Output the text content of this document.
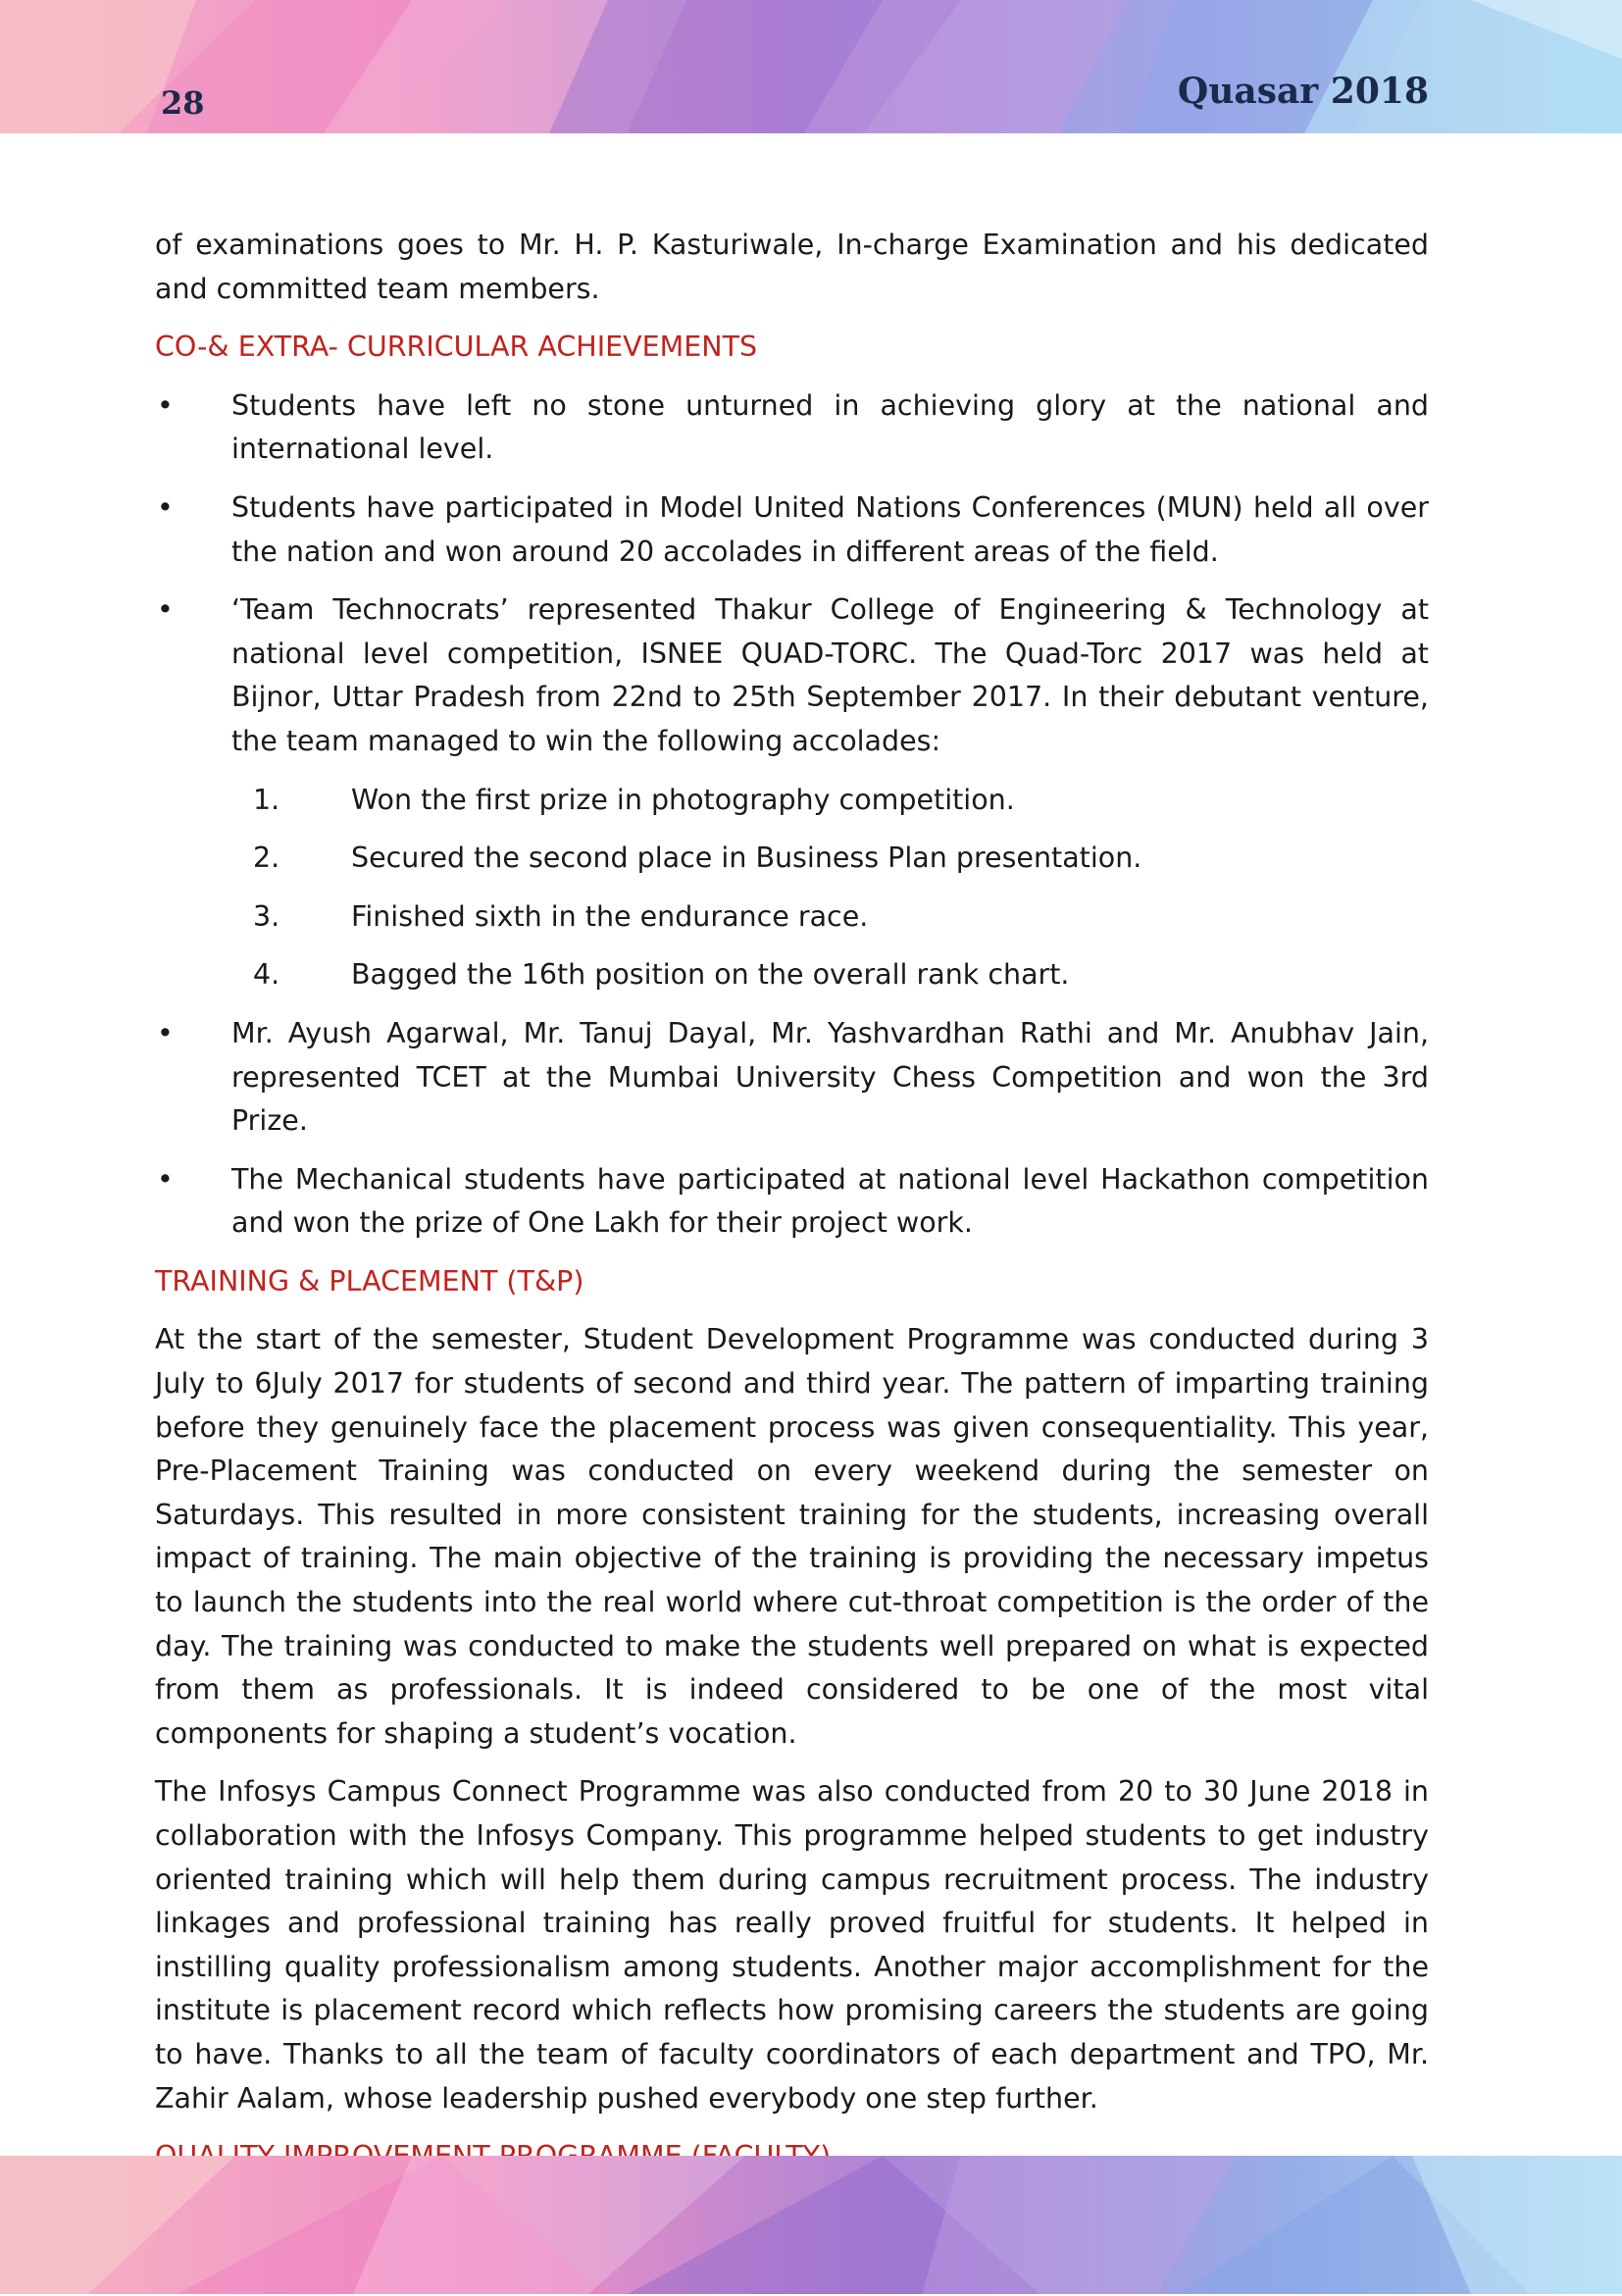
28	Quasar 2018

of examinations goes to Mr. H. P. Kasturiwale, In-charge Examination and his dedicated and committed team members.

CO-& EXTRA- CURRICULAR ACHIEVEMENTS
• Students have left no stone unturned in achieving glory at the national and international level.
• Students have participated in Model United Nations Conferences (MUN) held all over the nation and won around 20 accolades in different areas of the field.
• ‘Team Technocrats’ represented Thakur College of Engineering & Technology at national level competition, ISNEE QUAD-TORC. The Quad-Torc 2017 was held at Bijnor, Uttar Pradesh from 22nd to 25th September 2017. In their debutant venture, the team managed to win the following accolades:
1.	Won the first prize in photography competition.
2.	Secured the second place in Business Plan presentation.
3.	Finished sixth in the endurance race.
4.	Bagged the 16th position on the overall rank chart.
• Mr. Ayush Agarwal, Mr. Tanuj Dayal, Mr. Yashvardhan Rathi and Mr. Anubhav Jain, represented TCET at the Mumbai University Chess Competition and won the 3rd Prize.
• The Mechanical students have participated at national level Hackathon competition and won the prize of One Lakh for their project work.
TRAINING & PLACEMENT (T&P)

At the start of the semester, Student Development Programme was conducted during 3 July to 6July 2017 for students of second and third year. The pattern of imparting training before they genuinely face the placement process was given consequentiality. This year, Pre-Placement Training was conducted on every weekend during the semester on Saturdays. This resulted in more consistent training for the students, increasing overall impact of training. The main objective of the training is providing the necessary impetus to launch the students into the real world where cut-throat competition is the order of the day. The training was conducted to make the students well prepared on what is expected from them as professionals. It is indeed considered to be one of the most vital components for shaping a student’s vocation.

The Infosys Campus Connect Programme was also conducted from 20 to 30 June 2018 in collaboration with the Infosys Company. This programme helped students to get industry oriented training which will help them during campus recruitment process. The industry linkages and professional training has really proved fruitful for students. It helped in instilling quality professionalism among students. Another major accomplishment for the institute is placement record which reflects how promising careers the students are going to have. Thanks to all the team of faculty coordinators of each department and TPO, Mr. Zahir Aalam, whose leadership pushed everybody one step further.
